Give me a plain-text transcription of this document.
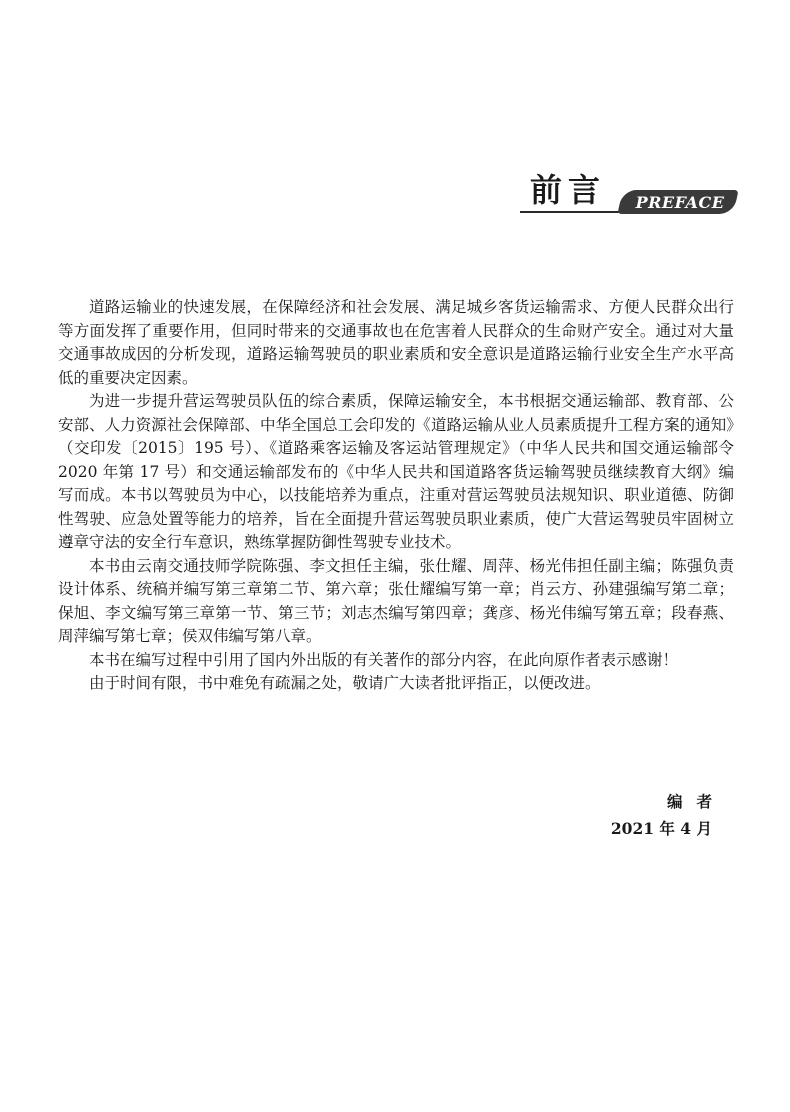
前言	PREFACE

道路运输业的快速发展，在保障经济和社会发展、满足城乡客货运输需求、方便人民群众出行等方面发挥了重要作用，但同时带来的交通事故也在危害着人民群众的生命财产安全。通过对大量交通事故成因的分析发现，道路运输驾驶员的职业素质和安全意识是道路运输行业安全生产水平高低的重要决定因素。

为进一步提升营运驾驶员队伍的综合素质，保障运输安全，本书根据交通运输部、教育部、公安部、人力资源社会保障部、中华全国总工会印发的《道路运输从业人员素质提升工程方案的通知》（交印发〔2015〕195 号）、《道路乘客运输及客运站管理规定》（中华人民共和国交通运输部令 2020 年第 17 号）和交通运输部发布的《中华人民共和国道路客货运输驾驶员继续教育大纲》编写而成。本书以驾驶员为中心，以技能培养为重点，注重对营运驾驶员法规知识、职业道德、防御性驾驶、应急处置等能力的培养，旨在全面提升营运驾驶员职业素质，使广大营运驾驶员牢固树立遵章守法的安全行车意识，熟练掌握防御性驾驶专业技术。

本书由云南交通技师学院陈强、李文担任主编，张仕耀、周萍、杨光伟担任副主编；陈强负责设计体系、统稿并编写第三章第二节、第六章；张仕耀编写第一章；肖云方、孙建强编写第二章；保旭、李文编写第三章第一节、第三节；刘志杰编写第四章；龚彦、杨光伟编写第五章；段春燕、周萍编写第七章；侯双伟编写第八章。

本书在编写过程中引用了国内外出版的有关著作的部分内容，在此向原作者表示感谢！

由于时间有限，书中难免有疏漏之处，敬请广大读者批评指正，以便改进。

编者
2021 年 4 月
